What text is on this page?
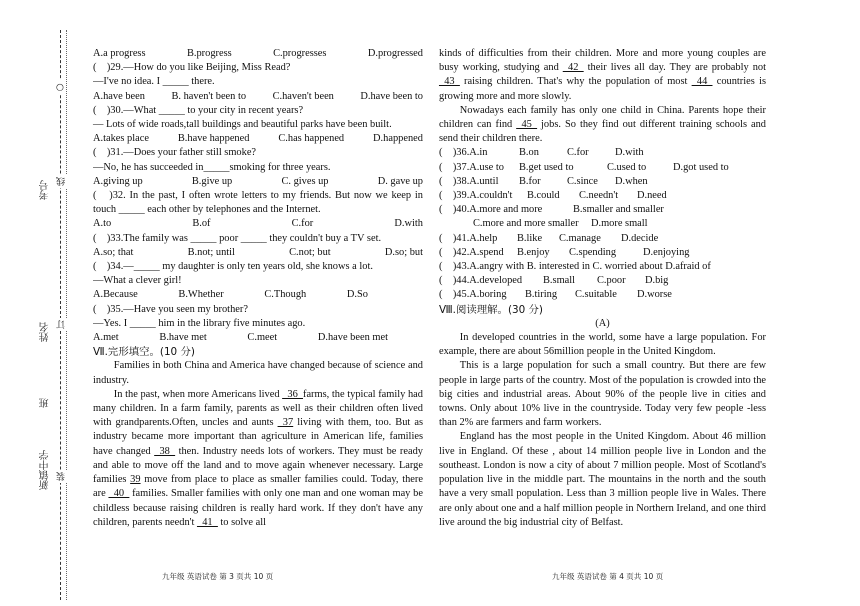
○
线
订
装
考号
姓名
班
新镇中学
A.a progress	B.progress	C.progresses	D.progressed
(　)29.—How do you like Beijing, Miss Read?
—I've no idea. I _____ there.
A.have been	B. haven't been to	C.haven't been	D.have been to
(　)30.—What _____ to your city in recent years?
— Lots of wide roads,tall buildings and beautiful parks have been built.
A.takes place	B.have happened	C.has happened	D.happened
(　)31.—Does your father still smoke?
—No, he has succeeded in_____smoking for three years.
A.giving up	B.give up	C. gives up	D. gave up
(　)32. In the past, I often wrote letters to my friends. But now we keep in touch _____ each other by telephones and the Internet.
A.to	B.of	C.for	D.with
(　)33.The family was _____ poor _____ they couldn't buy a TV set.
A.so; that	B.not; until	C.not; but	D.so; but
(　)34.—_____ my daughter is only ten years old, she knows a lot.
—What a clever girl!
A.Because	B.Whether	C.Though	D.So
(　)35.—Have you seen my brother?
—Yes. I _____ him in the library five minutes ago.
A.met	B.have met	C.meet	D.have been met
Ⅶ.完形填空。(10 分)
Families in both China and America have changed because of science and industry.
In the past, when more Americans lived _36_farms, the typical family had many children. In a farm family, parents as well as their children often lived with grandparents.Often, uncles and aunts _37 living with them, too. But as industry became more important than agriculture in American life, families have changed _38_ then. Industry needs lots of workers. They must be ready and able to move off the land and to move again whenever necessary. Large families 39 move from place to place as smaller families could. Today, there are _40_ families. Smaller families with only one man and one woman may be childless because raising children is really hard work. If they don't have any children, parents needn't _41_ to solve all
九年级 英语试卷 第 3 页共 10 页
kinds of difficulties from their children. More and more young couples are busy working, studying and _42_ their lives all day. They are probably not _43_ raising children. That's why the population of most _44_ countries is growing more and more slowly.
Nowadays each family has only one child in China. Parents hope their children can find _45_ jobs. So they find out different training schools and send their children there.
(　)36.A.in	B.on	C.for	D.with
(　)37.A.use to B.get used to	C.used to	D.got used to
(　)38.A.until B.for	C.since D.when
(　)39.A.couldn't B.could C.needn't D.need
(　)40.A.more and more	B.smaller and smaller
C.more and more smaller D.more small
(　)41.A.help B.like C.manage D.decide
(　)42.A.spend B.enjoy C.spending	D.enjoying
(　)43.A.angry with B. interested in C. worried about D.afraid of
(　)44.A.developed B.small C.poor D.big
(　)45.A.boring B.tiring C.suitable D.worse
Ⅷ.阅读理解。(30 分)
(A)
In developed countries in the world, some have a large population. For example, there are about 56million people in the United Kingdom.
This is a large population for such a small country. But there are few people in large parts of the country. Most of the population is crowded into the big cities and industrial areas. About 90% of the people live in cities and towns. Only about 10% live in the countryside. Today very few people -less than 2% are farmers and farm workers.
England has the most people in the United Kingdom. About 46 million live in England. Of these , about 14 million people live in London and the southeast. London is now a city of about 7 million people. Most of Scotland's population live in the middle part. The mountains in the north and the south have a very small population. Less than 3 million people live in Wales. There are only about one and a half million people in Northern Ireland, and one third live around the big industrial city of Belfast.
九年级 英语试卷 第 4 页共 10 页
